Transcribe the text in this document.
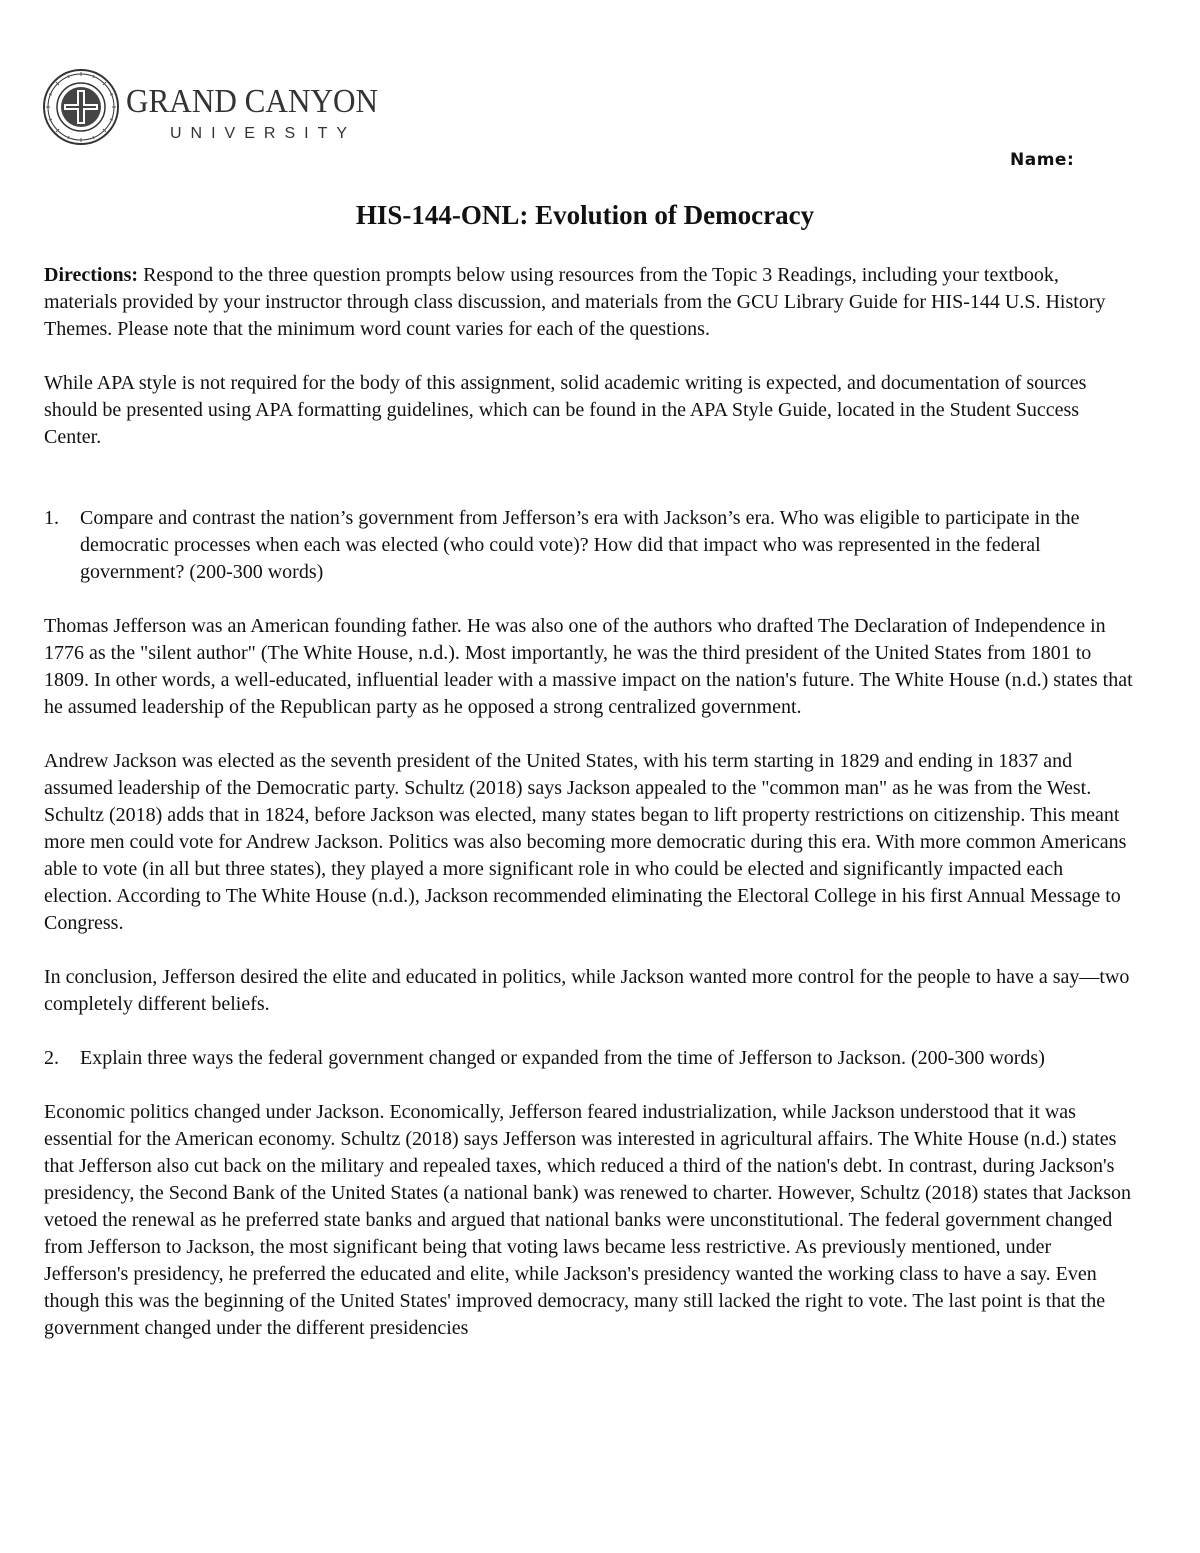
GRAND CANYON
UNIVERSITY
Name:
HIS-144-ONL: Evolution of Democracy

Directions: Respond to the three question prompts below using resources from the Topic 3 Readings, including your textbook, materials provided by your instructor through class discussion, and materials from the GCU Library Guide for HIS-144 U.S. History Themes. Please note that the minimum word count varies for each of the questions.

While APA style is not required for the body of this assignment, solid academic writing is expected, and documentation of sources should be presented using APA formatting guidelines, which can be found in the APA Style Guide, located in the Student Success Center.

1.	Compare and contrast the nation’s government from Jefferson’s era with Jackson’s era. Who was eligible to participate in the democratic processes when each was elected (who could vote)? How did that impact who was represented in the federal government? (200-300 words)

Thomas Jefferson was an American founding father. He was also one of the authors who drafted The Declaration of Independence in 1776 as the "silent author" (The White House, n.d.). Most importantly, he was the third president of the United States from 1801 to 1809. In other words, a well-educated, influential leader with a massive impact on the nation's future. The White House (n.d.) states that he assumed leadership of the Republican party as he opposed a strong centralized government.

Andrew Jackson was elected as the seventh president of the United States, with his term starting in 1829 and ending in 1837 and assumed leadership of the Democratic party. Schultz (2018) says Jackson appealed to the "common man" as he was from the West. Schultz (2018) adds that in 1824, before Jackson was elected, many states began to lift property restrictions on citizenship. This meant more men could vote for Andrew Jackson. Politics was also becoming more democratic during this era. With more common Americans able to vote (in all but three states), they played a more significant role in who could be elected and significantly impacted each election. According to The White House (n.d.), Jackson recommended eliminating the Electoral College in his first Annual Message to Congress.

In conclusion, Jefferson desired the elite and educated in politics, while Jackson wanted more control for the people to have a say—two completely different beliefs.

2.	Explain three ways the federal government changed or expanded from the time of Jefferson to Jackson. (200-300 words)

Economic politics changed under Jackson. Economically, Jefferson feared industrialization, while Jackson understood that it was essential for the American economy. Schultz (2018) says Jefferson was interested in agricultural affairs. The White House (n.d.) states that Jefferson also cut back on the military and repealed taxes, which reduced a third of the nation's debt. In contrast, during Jackson's presidency, the Second Bank of the United States (a national bank) was renewed to charter. However, Schultz (2018) states that Jackson vetoed the renewal as he preferred state banks and argued that national banks were unconstitutional. The federal government changed from Jefferson to Jackson, the most significant being that voting laws became less restrictive. As previously mentioned, under Jefferson's presidency, he preferred the educated and elite, while Jackson's presidency wanted the working class to have a say. Even though this was the beginning of the United States' improved democracy, many still lacked the right to vote. The last point is that the government changed under the different presidencies
